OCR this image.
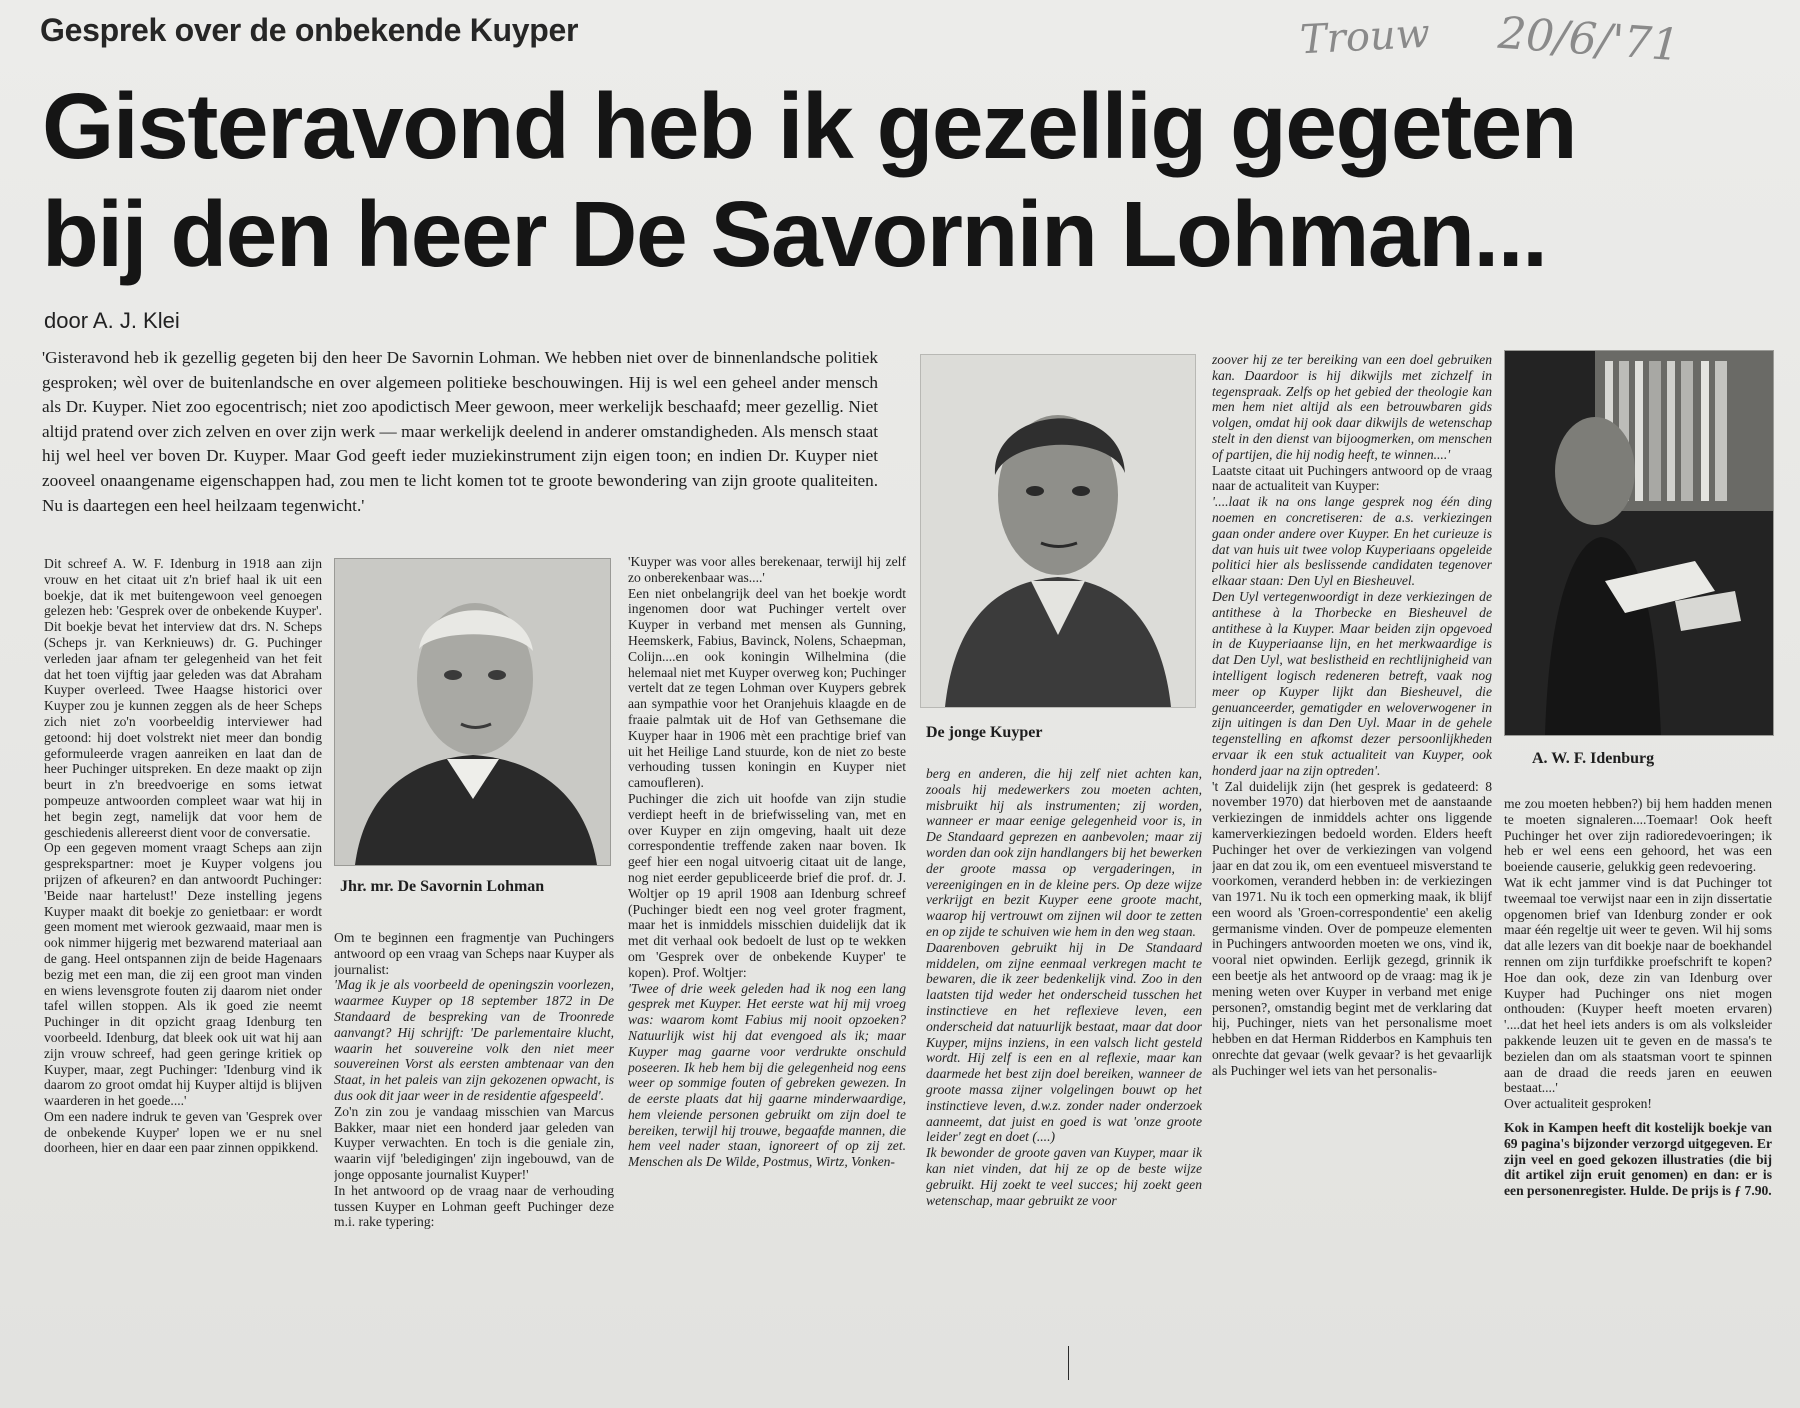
Gesprek over de onbekende Kuyper	Trouw 20/6/'71
Gisteravond heb ik gezellig gegeten bij den heer De Savornin Lohman...
door A. J. Klei
'Gisteravond heb ik gezellig gegeten bij den heer De Savornin Lohman. We hebben niet over de binnenlandsche politiek gesproken; wèl over de buitenlandsche en over algemeen politieke beschouwingen. Hij is wel een geheel ander mensch als Dr. Kuyper. Niet zoo egocentrisch; niet zoo apodictisch Meer gewoon, meer werkelijk beschaafd; meer gezellig. Niet altijd pratend over zich zelven en over zijn werk — maar werkelijk deelend in anderer omstandigheden. Als mensch staat hij wel heel ver boven Dr. Kuyper. Maar God geeft ieder muziekinstrument zijn eigen toon; en indien Dr. Kuyper niet zooveel onaangename eigenschappen had, zou men te licht komen tot te groote bewondering van zijn groote qualiteiten. Nu is daartegen een heel heilzaam tegenwicht.'

Dit schreef A. W. F. Idenburg in 1918 aan zijn vrouw en het citaat uit z'n brief haal ik uit een boekje, dat ik met buitengewoon veel genoegen gelezen heb: 'Gesprek over de onbekende Kuyper'. Dit boekje bevat het interview dat drs. N. Scheps (Scheps jr. van Kerknieuws) dr. G. Puchinger verleden jaar afnam ter gelegenheid van het feit dat het toen vijftig jaar geleden was dat Abraham Kuyper overleed. Twee Haagse historici over Kuyper zou je kunnen zeggen als de heer Scheps zich niet zo'n voorbeeldig interviewer had getoond: hij doet volstrekt niet meer dan bondig geformuleerde vragen aanreiken en laat dan de heer Puchinger uitspreken. En deze maakt op zijn beurt in z'n breedvoerige en soms ietwat pompeuze antwoorden compleet waar wat hij in het begin zegt, namelijk dat voor hem de geschiedenis allereerst dient voor de conversatie.

Op een gegeven moment vraagt Scheps aan zijn gesprekspartner: moet je Kuyper volgens jou prijzen of afkeuren? en dan antwoordt Puchinger: 'Beide naar hartelust!' Deze instelling jegens Kuyper maakt dit boekje zo genietbaar: er wordt geen moment met wierook gezwaaid, maar men is ook nimmer hijgerig met bezwarend materiaal aan de gang. Heel ontspannen zijn de beide Hagenaars bezig met een man, die zij een groot man vinden en wiens levensgrote fouten zij daarom niet onder tafel willen stoppen. Als ik goed zie neemt Puchinger in dit opzicht graag Idenburg ten voorbeeld. Idenburg, dat bleek ook uit wat hij aan zijn vrouw schreef, had geen geringe kritiek op Kuyper, maar, zegt Puchinger: 'Idenburg vind ik daarom zo groot omdat hij Kuyper altijd is blijven waarderen in het goede....'

Om een nadere indruk te geven van 'Gesprek over de onbekende Kuyper' lopen we er nu snel doorheen, hier en daar een paar zinnen oppikkend.

Jhr. mr. De Savornin Lohman

Om te beginnen een fragmentje van Puchingers antwoord op een vraag van Scheps naar Kuyper als journalist:

'Mag ik je als voorbeeld de openingszin voorlezen, waarmee Kuyper op 18 september 1872 in De Standaard de bespreking van de Troonrede aanvangt? Hij schrijft: 'De parlementaire klucht, waarin het souvereine volk den niet meer souvereinen Vorst als eersten ambtenaar van den Staat, in het paleis van zijn gekozenen opwacht, is dus ook dit jaar weer in de residentie afgespeeld'.

Zo'n zin zou je vandaag misschien van Marcus Bakker, maar niet een honderd jaar geleden van Kuyper verwachten. En toch is die geniale zin, waarin vijf 'beledigingen' zijn ingebouwd, van de jonge opposante journalist Kuyper!'

In het antwoord op de vraag naar de verhouding tussen Kuyper en Lohman geeft Puchinger deze m.i. rake typering:

'Kuyper was voor alles berekenaar, terwijl hij zelf zo onberekenbaar was....'

Een niet onbelangrijk deel van het boekje wordt ingenomen door wat Puchinger vertelt over Kuyper in verband met mensen als Gunning, Heemskerk, Fabius, Bavinck, Nolens, Schaepman, Colijn....en ook koningin Wilhelmina (die helemaal niet met Kuyper overweg kon; Puchinger vertelt dat ze tegen Lohman over Kuypers gebrek aan sympathie voor het Oranjehuis klaagde en de fraaie palmtak uit de Hof van Gethsemane die Kuyper haar in 1906 mèt een prachtige brief van uit het Heilige Land stuurde, kon de niet zo beste verhouding tussen koningin en Kuyper niet camoufleren).

Puchinger die zich uit hoofde van zijn studie verdiept heeft in de briefwisseling van, met en over Kuyper en zijn omgeving, haalt uit deze correspondentie treffende zaken naar boven. Ik geef hier een nogal uitvoerig citaat uit de lange, nog niet eerder gepubliceerde brief die prof. dr. J. Woltjer op 19 april 1908 aan Idenburg schreef (Puchinger biedt een nog veel groter fragment, maar het is inmiddels misschien duidelijk dat ik met dit verhaal ook bedoelt de lust op te wekken om 'Gesprek over de onbekende Kuyper' te kopen). Prof. Woltjer:

'Twee of drie week geleden had ik nog een lang gesprek met Kuyper. Het eerste wat hij mij vroeg was: waarom komt Fabius mij nooit opzoeken? Natuurlijk wist hij dat evengoed als ik; maar Kuyper mag gaarne voor verdrukte onschuld poseeren. Ik heb hem bij die gelegenheid nog eens weer op sommige fouten of gebreken gewezen. In de eerste plaats dat hij gaarne minderwaardige, hem vleiende personen gebruikt om zijn doel te bereiken, terwijl hij trouwe, begaafde mannen, die hem veel nader staan, ignoreert of op zij zet. Menschen als De Wilde, Postmus, Wirtz, Vonken-

De jonge Kuyper

berg en anderen, die hij zelf niet achten kan, zooals hij medewerkers zou moeten achten, misbruikt hij als instrumenten; zij worden, wanneer er maar eenige gelegenheid voor is, in De Standaard geprezen en aanbevolen; maar zij worden dan ook zijn handlangers bij het bewerken der groote massa op vergaderingen, in vereenigingen en in de kleine pers. Op deze wijze verkrijgt en bezit Kuyper eene groote macht, waarop hij vertrouwt om zijnen wil door te zetten en op zijde te schuiven wie hem in den weg staan.

Daarenboven gebruikt hij in De Standaard middelen, om zijne eenmaal verkregen macht te bewaren, die ik zeer bedenkelijk vind. Zoo in den laatsten tijd weder het onderscheid tusschen het instinctieve en het reflexieve leven, een onderscheid dat natuurlijk bestaat, maar dat door Kuyper, mijns inziens, in een valsch licht gesteld wordt. Hij zelf is een en al reflexie, maar kan daarmede het best zijn doel bereiken, wanneer de groote massa zijner volgelingen bouwt op het instinctieve leven, d.w.z. zonder nader onderzoek aanneemt, dat juist en goed is wat 'onze groote leider' zegt en doet (....)

Ik bewonder de groote gaven van Kuyper, maar ik kan niet vinden, dat hij ze op de beste wijze gebruikt. Hij zoekt te veel succes; hij zoekt geen wetenschap, maar gebruikt ze voor

zoover hij ze ter bereiking van een doel gebruiken kan. Daardoor is hij dikwijls met zichzelf in tegenspraak. Zelfs op het gebied der theologie kan men hem niet altijd als een betrouwbaren gids volgen, omdat hij ook daar dikwijls de wetenschap stelt in den dienst van bijoogmerken, om menschen of partijen, die hij nodig heeft, te winnen....'

Laatste citaat uit Puchingers antwoord op de vraag naar de actualiteit van Kuyper:

'....laat ik na ons lange gesprek nog één ding noemen en concretiseren: de a.s. verkiezingen gaan onder andere over Kuyper. En het curieuze is dat van huis uit twee volop Kuyperiaans opgeleide politici hier als beslissende candidaten tegenover elkaar staan: Den Uyl en Biesheuvel.

Den Uyl vertegenwoordigt in deze verkiezingen de antithese à la Thorbecke en Biesheuvel de antithese à la Kuyper. Maar beiden zijn opgevoed in de Kuyperiaanse lijn, en het merkwaardige is dat Den Uyl, wat beslistheid en rechtlijnigheid van intelligent logisch redeneren betreft, vaak nog meer op Kuyper lijkt dan Biesheuvel, die genuanceerder, gematigder en weloverwogener in zijn uitingen is dan Den Uyl. Maar in de gehele tegenstelling en afkomst dezer persoonlijkheden ervaar ik een stuk actualiteit van Kuyper, ook honderd jaar na zijn optreden'.

't Zal duidelijk zijn (het gesprek is gedateerd: 8 november 1970) dat hierboven met de aanstaande verkiezingen de inmiddels achter ons liggende kamerverkiezingen bedoeld worden. Elders heeft Puchinger het over de verkiezingen van volgend jaar en dat zou ik, om een eventueel misverstand te voorkomen, veranderd hebben in: de verkiezingen van 1971. Nu ik toch een opmerking maak, ik blijf een woord als 'Groen-correspondentie' een akelig germanisme vinden. Over de pompeuze elementen in Puchingers antwoorden moeten we ons, vind ik, vooral niet opwinden. Eerlijk gezegd, grinnik ik een beetje als het antwoord op de vraag: mag ik je mening weten over Kuyper in verband met enige personen?, omstandig begint met de verklaring dat hij, Puchinger, niets van het personalisme moet hebben en dat Herman Ridderbos en Kamphuis ten onrechte dat gevaar (welk gevaar? is het gevaarlijk als Puchinger wel iets van het personalis-

A. W. F. Idenburg

me zou moeten hebben?) bij hem hadden menen te moeten signaleren....Toemaar! Ook heeft Puchinger het over zijn radioredevoeringen; ik heb er wel eens een gehoord, het was een boeiende causerie, gelukkig geen redevoering.

Wat ik echt jammer vind is dat Puchinger tot tweemaal toe verwijst naar een in zijn dissertatie opgenomen brief van Idenburg zonder er ook maar één regeltje uit weer te geven. Wil hij soms dat alle lezers van dit boekje naar de boekhandel rennen om zijn turfdikke proefschrift te kopen? Hoe dan ook, deze zin van Idenburg over Kuyper had Puchinger ons niet mogen onthouden: (Kuyper heeft moeten ervaren) '....dat het heel iets anders is om als volksleider pakkende leuzen uit te geven en de massa's te bezielen dan om als staatsman voort te spinnen aan de draad die reeds jaren en eeuwen bestaat....'

Over actualiteit gesproken!

Kok in Kampen heeft dit kostelijk boekje van 69 pagina's bijzonder verzorgd uitgegeven. Er zijn veel en goed gekozen illustraties (die bij dit artikel zijn eruit genomen) en dan: er is een personenregister. Hulde. De prijs is ƒ 7.90.
